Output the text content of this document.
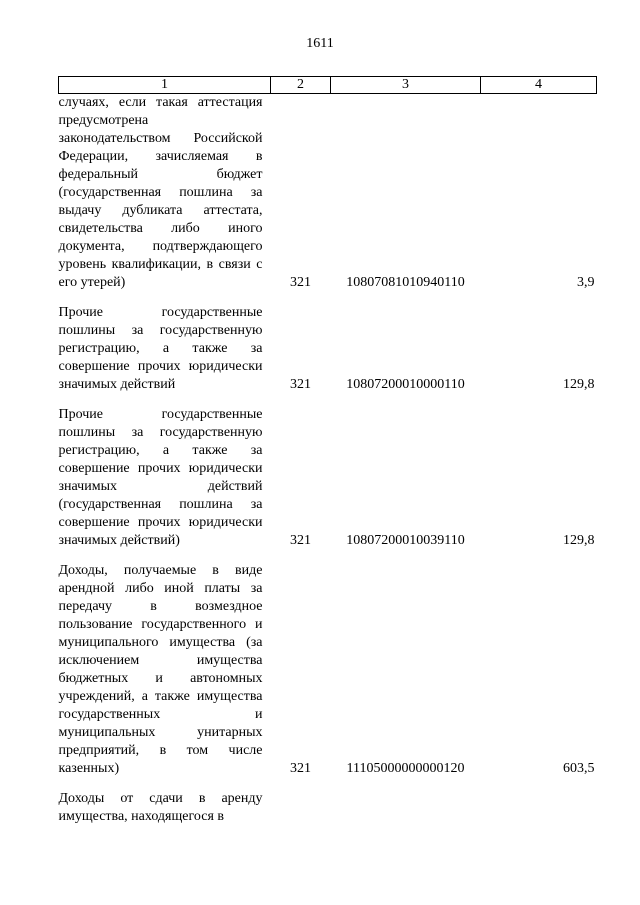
1611
1	2	3	4
случаях, если такая аттестация предусмотрена законодательством Российской Федерации, зачисляемая в федеральный бюджет (государственная пошлина за выдачу дубликата аттестата, свидетельства либо иного документа, подтверждающего уровень квалификации, в связи с его утерей)	321	10807081010940110	3,9
Прочие государственные пошлины за государственную регистрацию, а также за совершение прочих юридически значимых действий	321	10807200010000110	129,8
Прочие государственные пошлины за государственную регистрацию, а также за совершение прочих юридически значимых действий (государственная пошлина за совершение прочих юридически значимых действий)	321	10807200010039110	129,8
Доходы, получаемые в виде арендной либо иной платы за передачу в возмездное пользование государственного и муниципального имущества (за исключением имущества бюджетных и автономных учреждений, а также имущества государственных и муниципальных унитарных предприятий, в том числе казенных)	321	11105000000000120	603,5
Доходы от сдачи в аренду имущества, находящегося в			
